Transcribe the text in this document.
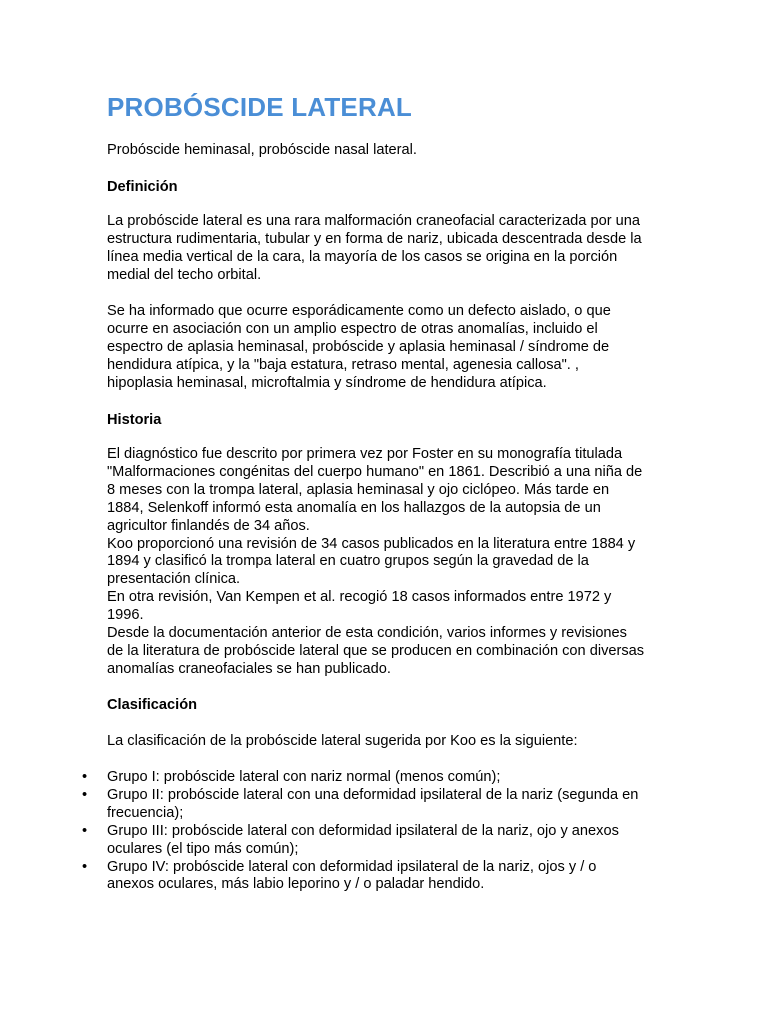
PROBÓSCIDE LATERAL

Probóscide heminasal, probóscide nasal lateral.

Definición

La probóscide lateral es una rara malformación craneofacial caracterizada por una
estructura rudimentaria, tubular y en forma de nariz, ubicada descentrada desde la
línea media vertical de la cara, la mayoría de los casos se origina en la porción
medial del techo orbital.

Se ha informado que ocurre esporádicamente como un defecto aislado, o que
ocurre en asociación con un amplio espectro de otras anomalías, incluido el
espectro de aplasia heminasal, probóscide y aplasia heminasal / síndrome de
hendidura atípica, y la "baja estatura, retraso mental, agenesia callosa". ,
hipoplasia heminasal, microftalmia y síndrome de hendidura atípica.

Historia

El diagnóstico fue descrito por primera vez por Foster en su monografía titulada
"Malformaciones congénitas del cuerpo humano" en 1861. Describió a una niña de
8 meses con la trompa lateral, aplasia heminasal y ojo ciclópeo. Más tarde en
1884, Selenkoff informó esta anomalía en los hallazgos de la autopsia de un
agricultor finlandés de 34 años.
Koo proporcionó una revisión de 34 casos publicados en la literatura entre 1884 y
1894 y clasificó la trompa lateral en cuatro grupos según la gravedad de la
presentación clínica.
En otra revisión, Van Kempen et al. recogió 18 casos informados entre 1972 y
1996.
Desde la documentación anterior de esta condición, varios informes y revisiones
de la literatura de probóscide lateral que se producen en combinación con diversas
anomalías craneofaciales se han publicado.

Clasificación

La clasificación de la probóscide lateral sugerida por Koo es la siguiente:

• Grupo I: probóscide lateral con nariz normal (menos común);
• Grupo II: probóscide lateral con una deformidad ipsilateral de la nariz (segunda en
frecuencia);
• Grupo III: probóscide lateral con deformidad ipsilateral de la nariz, ojo y anexos
oculares (el tipo más común);
• Grupo IV: probóscide lateral con deformidad ipsilateral de la nariz, ojos y / o
anexos oculares, más labio leporino y / o paladar hendido.
